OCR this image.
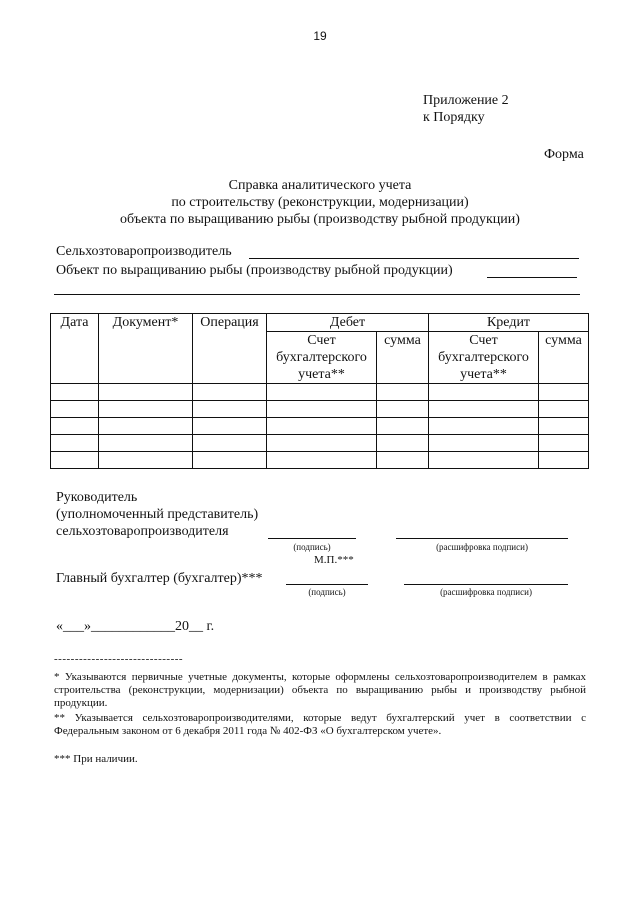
19
Приложение 2
к Порядку
Форма
Справка аналитического учета
по строительству (реконструкции, модернизации)
объекта по выращиванию рыбы (производству рыбной продукции)
Сельхозтоваропроизводитель
Объект по выращиванию рыбы (производству рыбной продукции)
Дата	Документ*	Операция	Дебет		Кредит	
			Счет бухгалтерского учета**	сумма	Счет бухгалтерского учета**	сумма

Руководитель
(уполномоченный представитель)
сельхозтоваропроизводителя
(подпись)	(расшифровка подписи)
М.П.***
Главный бухгалтер (бухгалтер)***
(подпись)	(расшифровка подписи)
«___»____________20__ г.
-------------------------------
* Указываются первичные учетные документы, которые оформлены сельхозтоваропроизводителем в рамках строительства (реконструкции, модернизации) объекта по выращиванию рыбы и производству рыбной продукции.
** Указывается сельхозтоваропроизводителями, которые ведут бухгалтерский учет в соответствии с Федеральным законом от 6 декабря 2011 года № 402-ФЗ «О бухгалтерском учете».
*** При наличии.
